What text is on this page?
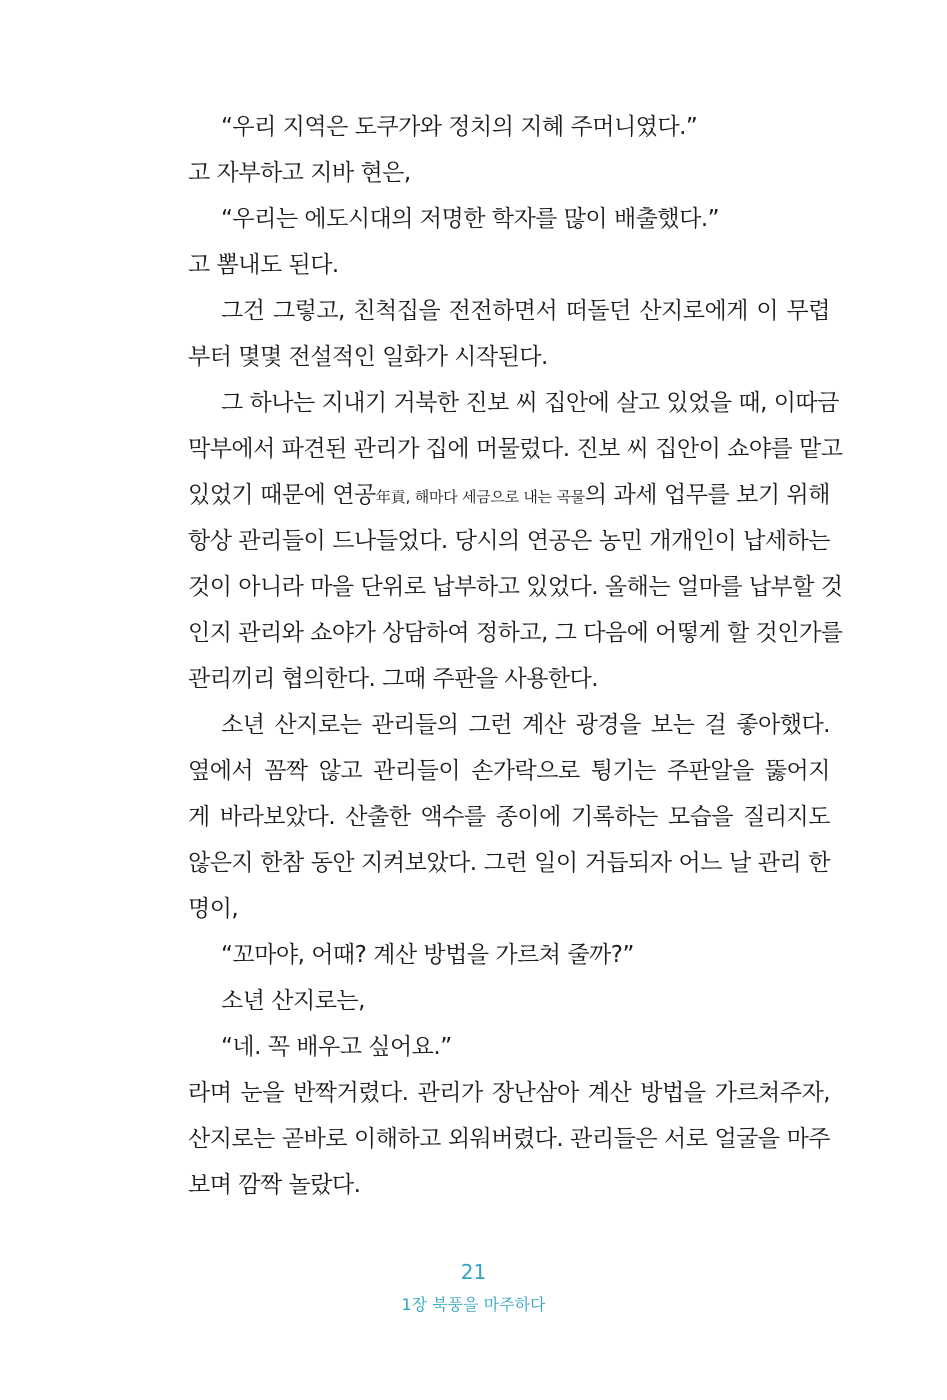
“우리 지역은 도쿠가와 정치의 지혜 주머니였다.”
고 자부하고 지바 현은,
“우리는 에도시대의 저명한 학자를 많이 배출했다.”
고 뽐내도 된다.
그건 그렇고, 친척집을 전전하면서 떠돌던 산지로에게 이 무렵
부터 몇몇 전설적인 일화가 시작된다.
그 하나는 지내기 거북한 진보 씨 집안에 살고 있었을 때, 이따금
막부에서 파견된 관리가 집에 머물렀다. 진보 씨 집안이 쇼야를 맡고
있었기 때문에 연공年貢, 해마다 세금으로 내는 곡물의 과세 업무를 보기 위해
항상 관리들이 드나들었다. 당시의 연공은 농민 개개인이 납세하는
것이 아니라 마을 단위로 납부하고 있었다. 올해는 얼마를 납부할 것
인지 관리와 쇼야가 상담하여 정하고, 그 다음에 어떻게 할 것인가를
관리끼리 협의한다. 그때 주판을 사용한다.
소년 산지로는 관리들의 그런 계산 광경을 보는 걸 좋아했다.
옆에서 꼼짝 않고 관리들이 손가락으로 튕기는 주판알을 뚫어지
게 바라보았다. 산출한 액수를 종이에 기록하는 모습을 질리지도
않은지 한참 동안 지켜보았다. 그런 일이 거듭되자 어느 날 관리 한
명이,
“꼬마야, 어때? 계산 방법을 가르쳐 줄까?”
소년 산지로는,
“네. 꼭 배우고 싶어요.”
라며 눈을 반짝거렸다. 관리가 장난삼아 계산 방법을 가르쳐주자,
산지로는 곧바로 이해하고 외워버렸다. 관리들은 서로 얼굴을 마주
보며 깜짝 놀랐다.
21
1장 북풍을 마주하다
